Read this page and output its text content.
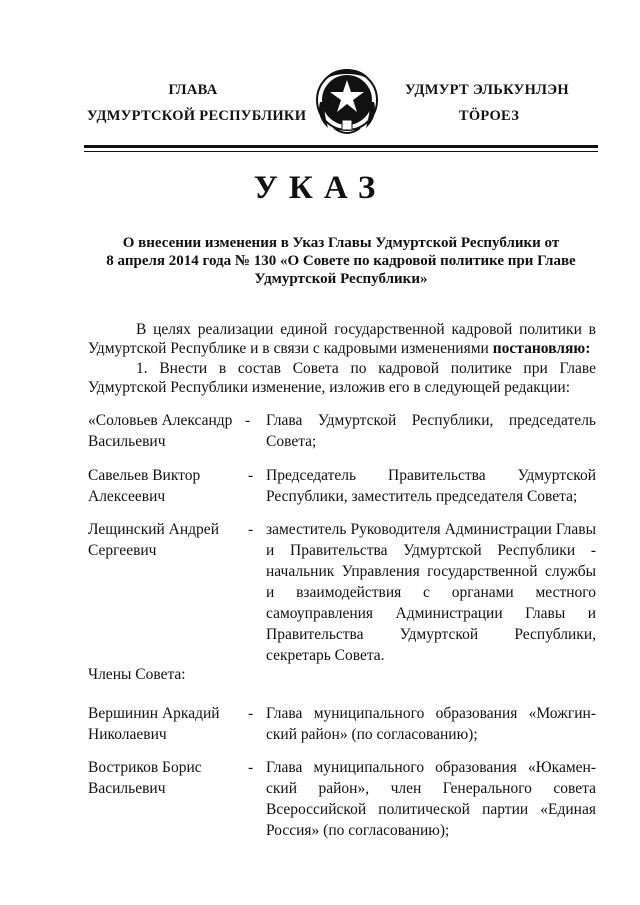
ГЛАВА
УДМУРТСКОЙ РЕСПУБЛИКИ
УДМУРТ ЭЛЬКУНЛЭН
ТӦРОЕЗ
УКАЗ
О внесении изменения в Указ Главы Удмуртской Республики от
8 апреля 2014 года № 130 «О Совете по кадровой политике при Главе
Удмуртской Республики»
В целях реализации единой государственной кадровой политики в Удмуртской Республике и в связи с кадровыми изменениями постановляю:
1. Внести в состав Совета по кадровой политике при Главе Удмуртской Республики изменение, изложив его в следующей редакции:
«Соловьев Александр
Васильевич
- Глава Удмуртской Республики, председатель Совета;
Савельев Виктор
Алексеевич
- Председатель Правительства Удмуртской Республики, заместитель председателя Совета;
Лещинский Андрей
Сергеевич
- заместитель Руководителя Администрации Главы и Правительства Удмуртской Республики - начальник Управления государственной службы и взаимодействия с органами местного самоуправления Администрации Главы и Правительства Удмуртской Республики, секретарь Совета.
Члены Совета:
Вершинин Аркадий
Николаевич
- Глава муниципального образования «Можгин-ский район» (по согласованию);
Востриков Борис
Васильевич
- Глава муниципального образования «Юкамен-ский район», член Генерального совета Всероссийской политической партии «Единая Россия» (по согласованию);
